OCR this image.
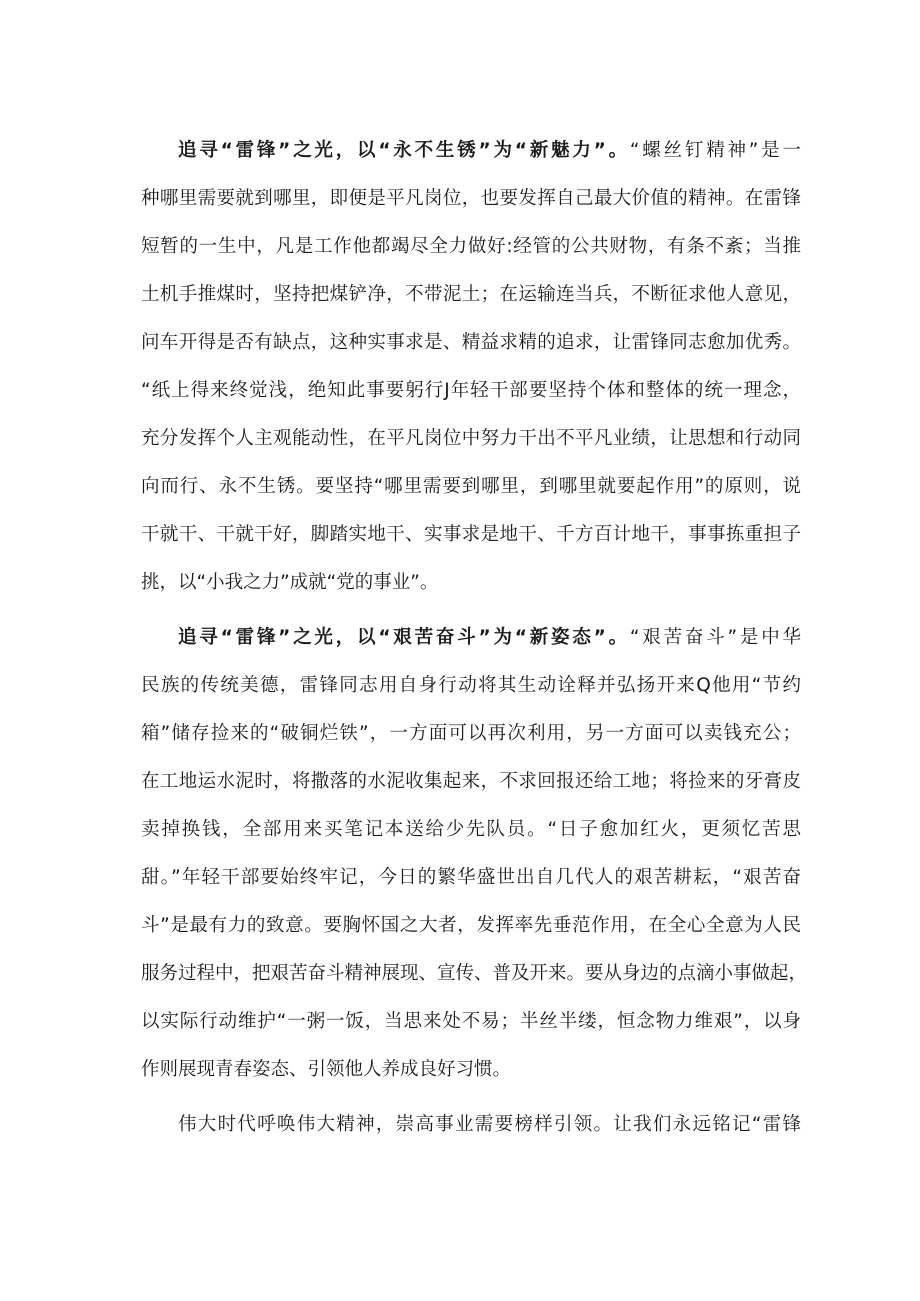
追寻“雷锋”之光，以“永不生锈”为“新魅力”。“螺丝钉精神”是一

种哪里需要就到哪里，即便是平凡岗位，也要发挥自己最大价值的精神。在雷锋

短暂的一生中，凡是工作他都竭尽全力做好:经管的公共财物，有条不紊；当推

土机手推煤时，坚持把煤铲净，不带泥土；在运输连当兵，不断征求他人意见，

问车开得是否有缺点，这种实事求是、精益求精的追求，让雷锋同志愈加优秀。

“纸上得来终觉浅，绝知此事要躬行J年轻干部要坚持个体和整体的统一理念，

充分发挥个人主观能动性，在平凡岗位中努力干出不平凡业绩，让思想和行动同

向而行、永不生锈。要坚持“哪里需要到哪里，到哪里就要起作用”的原则，说

干就干、干就干好，脚踏实地干、实事求是地干、千方百计地干，事事拣重担子

挑，以“小我之力”成就“党的事业”。

追寻“雷锋”之光，以“艰苦奋斗”为“新姿态”。“艰苦奋斗”是中华

民族的传统美德，雷锋同志用自身行动将其生动诠释并弘扬开来Q他用“节约

箱”储存捡来的“破铜烂铁”，一方面可以再次利用，另一方面可以卖钱充公；

在工地运水泥时，将撒落的水泥收集起来，不求回报还给工地；将捡来的牙膏皮

卖掉换钱，全部用来买笔记本送给少先队员。“日子愈加红火，更须忆苦思

甜。”年轻干部要始终牢记，今日的繁华盛世出自几代人的艰苦耕耘，“艰苦奋

斗”是最有力的致意。要胸怀国之大者，发挥率先垂范作用，在全心全意为人民

服务过程中，把艰苦奋斗精神展现、宣传、普及开来。要从身边的点滴小事做起，

以实际行动维护“一粥一饭，当思来处不易；半丝半缕，恒念物力维艰”，以身

作则展现青春姿态、引领他人养成良好习惯。

伟大时代呼唤伟大精神，崇高事业需要榜样引领。让我们永远铭记“雷锋
